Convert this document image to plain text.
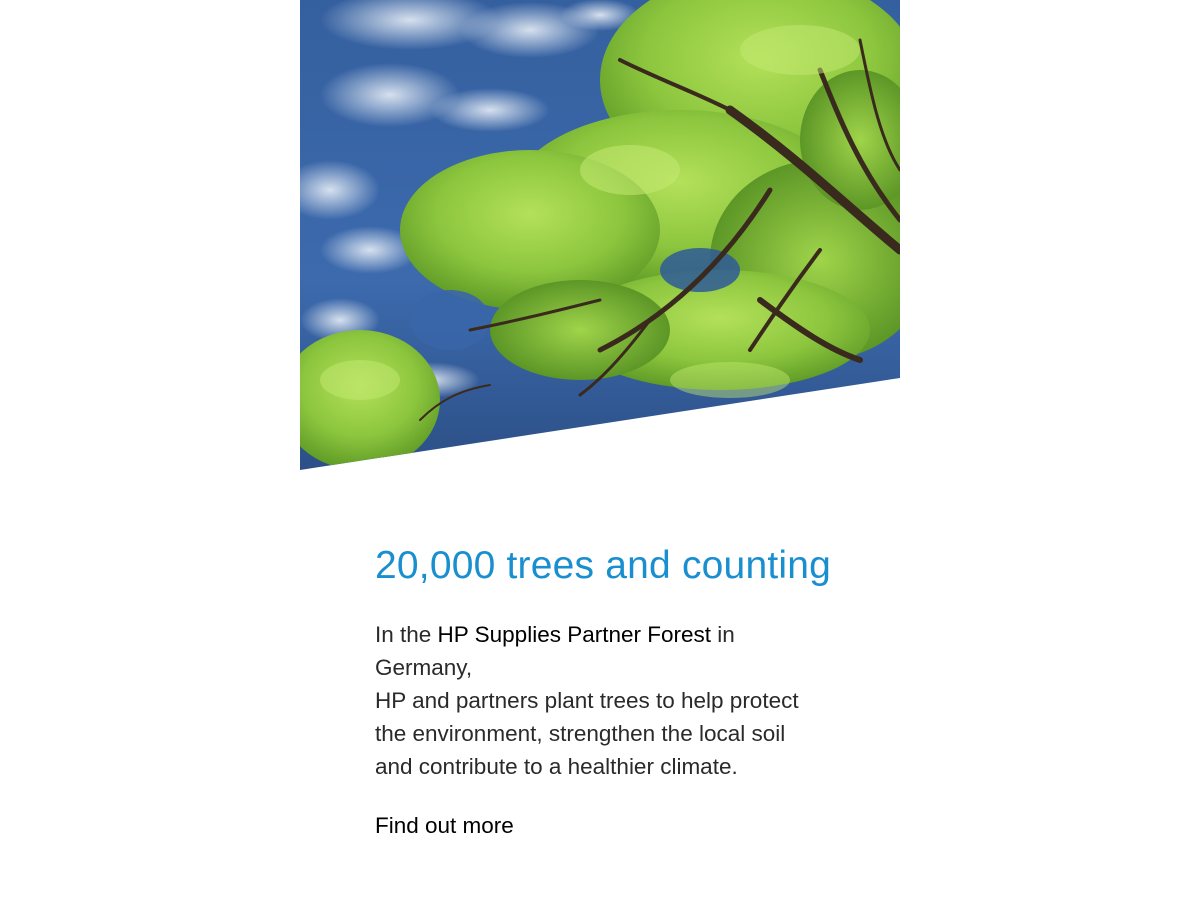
20,000 trees and counting

In the HP Supplies Partner Forest in Germany,
HP and partners plant trees to help protect
the environment, strengthen the local soil
and contribute to a healthier climate.

Find out more
